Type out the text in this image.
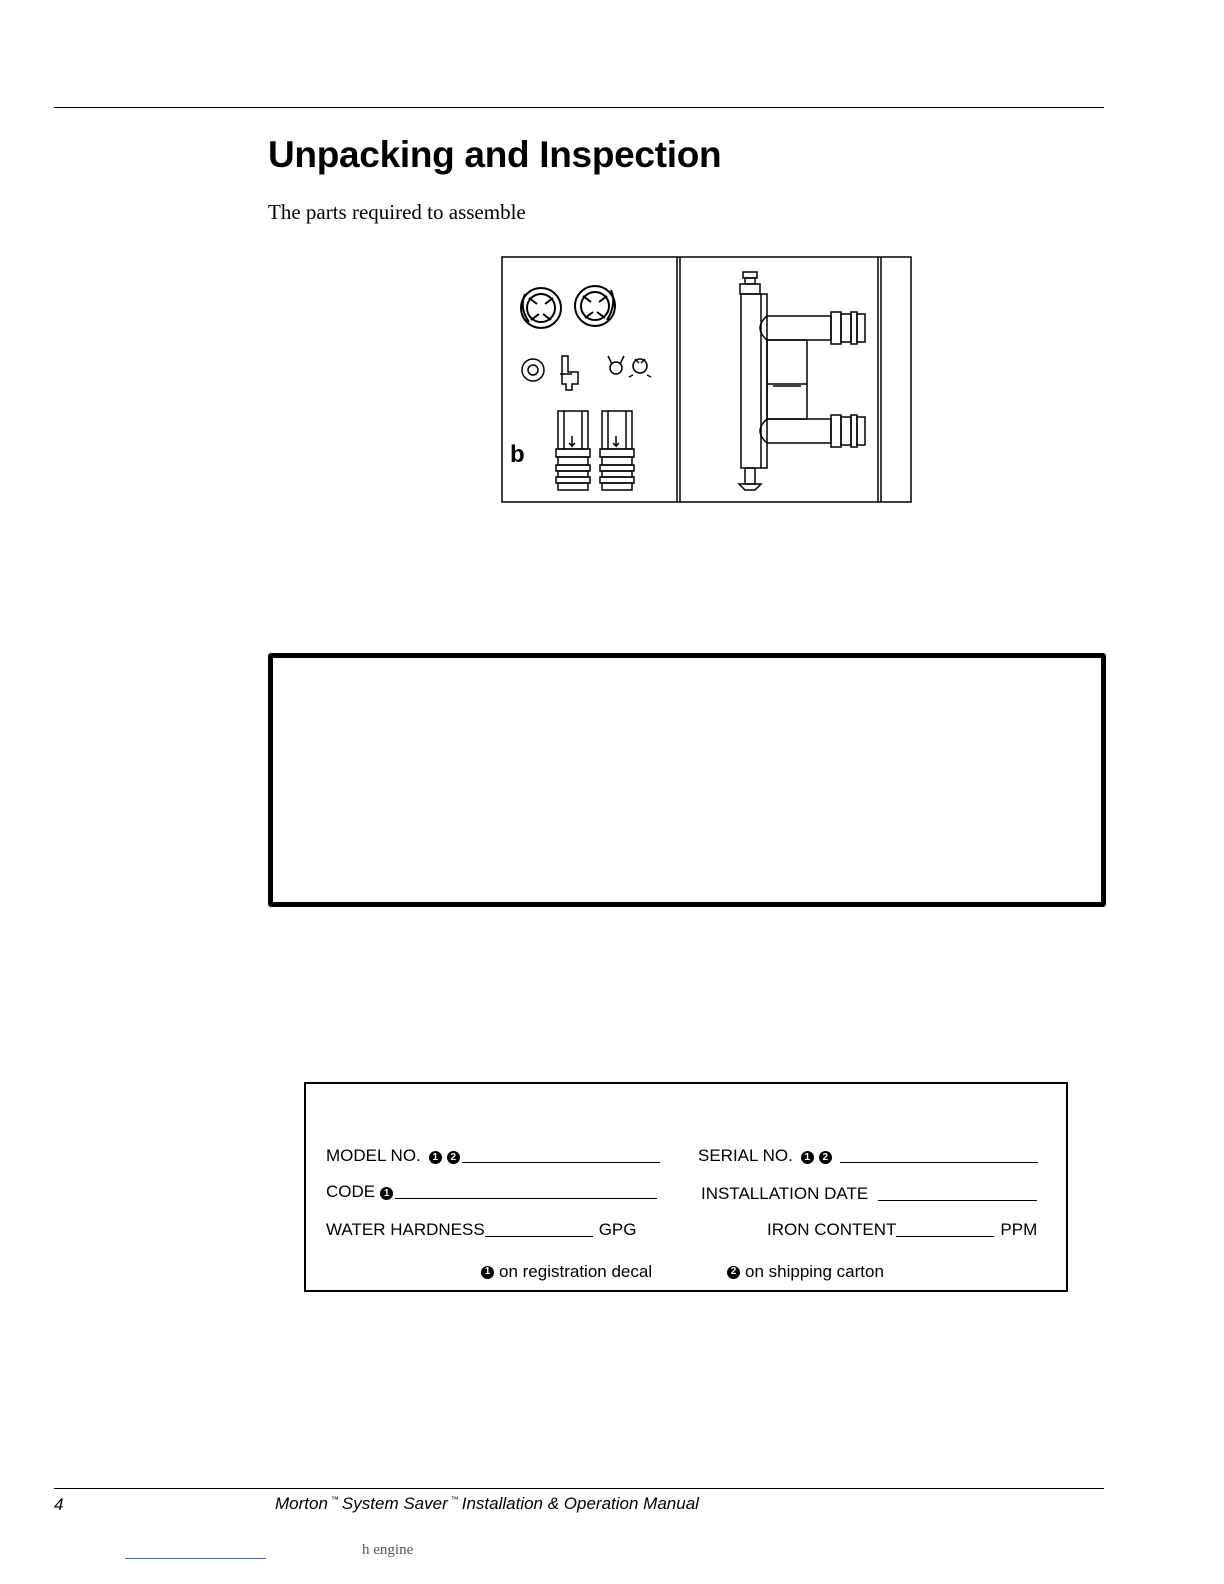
Unpacking and Inspection

The parts required to assemble

b
MODEL NO.	1	2	SERIAL NO.	1	2
CODE 1	INSTALLATION DATE
WATER HARDNESS	GPG	IRON CONTENT	PPM
1 on registration decal	2 on shipping carton
4	Morton ™ System Saver ™ Installation & Operation Manual
h engine
